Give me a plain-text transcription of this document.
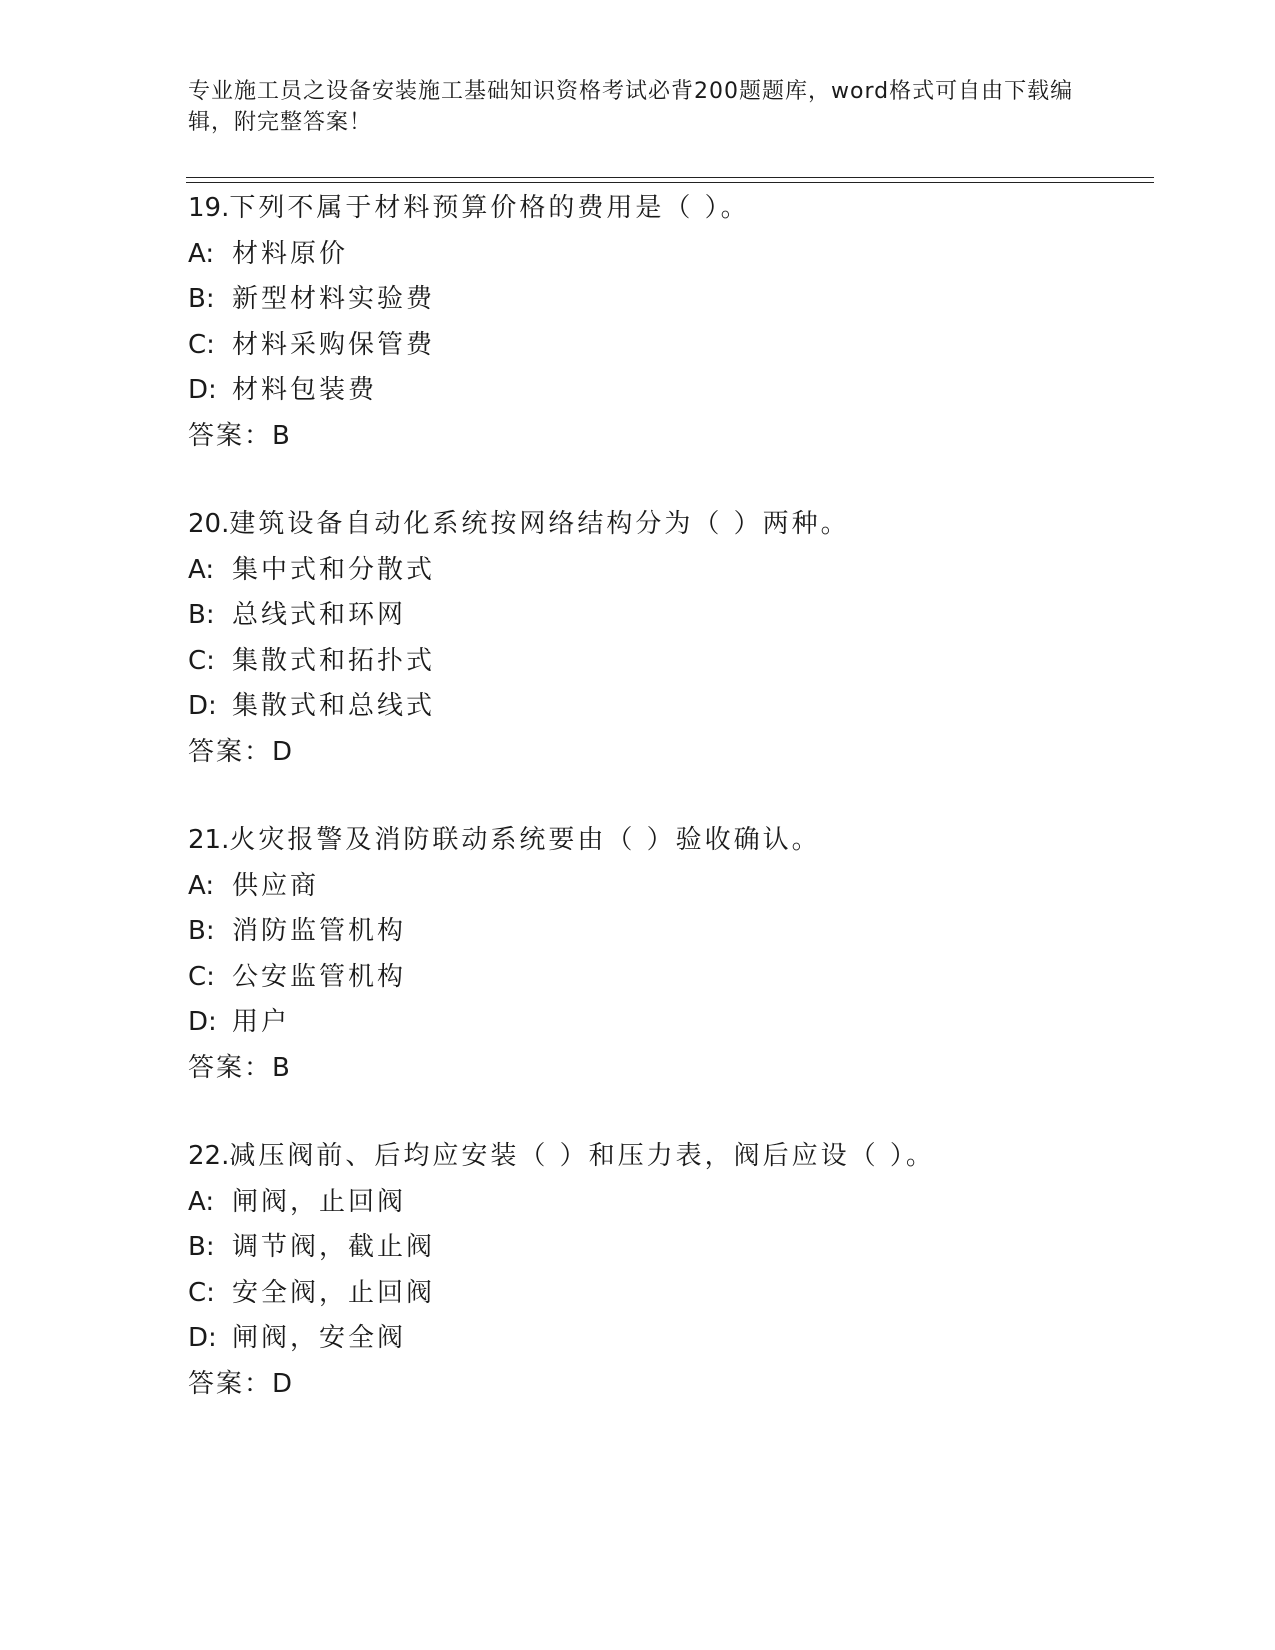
专业施工员之设备安装施工基础知识资格考试必背200题题库，word格式可自由下载编辑，附完整答案！
19.下列不属于材料预算价格的费用是（ ）。
A: 材料原价
B: 新型材料实验费
C: 材料采购保管费
D: 材料包装费
答案：B
20.建筑设备自动化系统按网络结构分为（ ）两种。
A: 集中式和分散式
B: 总线式和环网
C: 集散式和拓扑式
D: 集散式和总线式
答案：D
21.火灾报警及消防联动系统要由（ ）验收确认。
A: 供应商
B: 消防监管机构
C: 公安监管机构
D: 用户
答案：B
22.减压阀前、后均应安装（ ）和压力表，阀后应设（ ）。
A: 闸阀，止回阀
B: 调节阀，截止阀
C: 安全阀，止回阀
D: 闸阀，安全阀
答案：D
